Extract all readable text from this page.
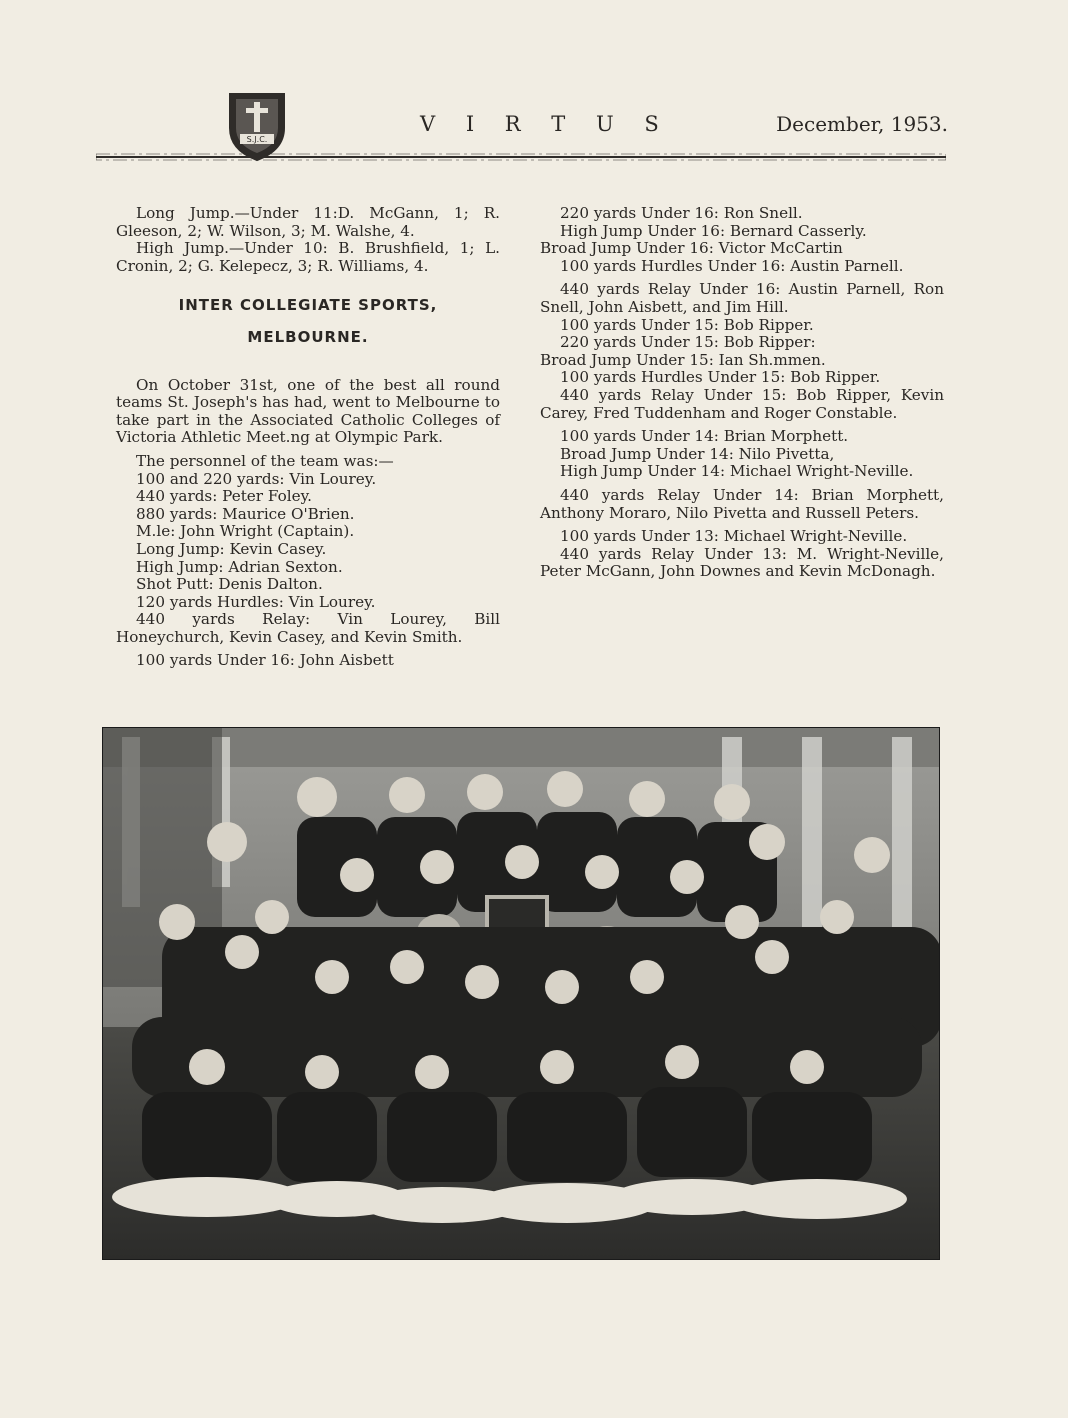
S.J.C.
V I R T U S	December, 1953.

Long Jump.—Under 11:D. McGann, 1; R. Gleeson, 2; W. Wilson, 3; M. Walshe, 4.

High Jump.—Under 10: B. Brushfield, 1; L. Cronin, 2; G. Kelepecz, 3; R. Williams, 4.

INTER COLLEGIATE SPORTS,

MELBOURNE.

On October 31st, one of the best all round teams St. Joseph's has had, went to Melbourne to take part in the Associated Catholic Colleges of Victoria Athletic Meet.ng at Olympic Park.

The personnel of the team was:—

100 and 220 yards: Vin Lourey.

440 yards: Peter Foley.

880 yards: Maurice O'Brien.

M.le: John Wright (Captain).

Long Jump: Kevin Casey.

High Jump: Adrian Sexton.

Shot Putt: Denis Dalton.

120 yards Hurdles: Vin Lourey.

440 yards Relay: Vin Lourey, Bill Honeychurch, Kevin Casey, and Kevin Smith.

100 yards Under 16: John Aisbett

220 yards Under 16: Ron Snell.

High Jump Under 16: Bernard Casserly.

Broad Jump Under 16: Victor McCartin

100 yards Hurdles Under 16: Austin Parnell.

440 yards Relay Under 16: Austin Parnell, Ron Snell, John Aisbett, and Jim Hill.

100 yards Under 15: Bob Ripper.

220 yards Under 15: Bob Ripper:

Broad Jump Under 15: Ian Sh.mmen.

100 yards Hurdles Under 15: Bob Ripper.

440 yards Relay Under 15: Bob Ripper, Kevin Carey, Fred Tuddenham and Roger Constable.

100 yards Under 14: Brian Morphett.

Broad Jump Under 14: Nilo Pivetta,

High Jump Under 14: Michael Wright-Neville.

440 yards Relay Under 14: Brian Morphett, Anthony Moraro, Nilo Pivetta and Russell Peters.

100 yards Under 13: Michael Wright-Neville.

440 yards Relay Under 13: M. Wright-Neville, Peter McGann, John Downes and Kevin McDonagh.
